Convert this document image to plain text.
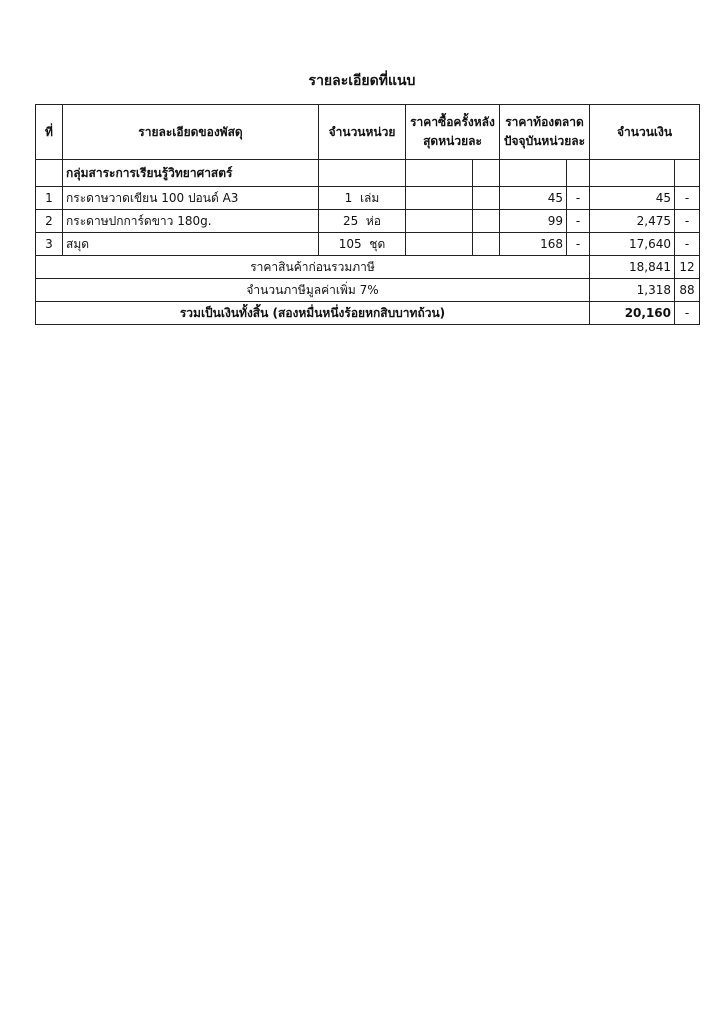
รายละเอียดที่แนบ
ที่	รายละเอียดของพัสดุ	จำนวนหน่วย	ราคาซื้อครั้งหลังสุดหน่วยละ		ราคาท้องตลาดปัจจุบันหน่วยละ		จำนวนเงิน	
	กลุ่มสาระการเรียนรู้วิทยาศาสตร์							
1	กระดาษวาดเขียน 100 ปอนด์ A3	1 เล่ม			45	-	45	-
2	กระดาษปกการ์ดขาว 180g.	25 ห่อ			99	-	2,475	-
3	สมุด	105 ชุด			168	-	17,640	-
ราคาสินค้าก่อนรวมภาษี							18,841	12
จำนวนภาษีมูลค่าเพิ่ม 7%							1,318	88
รวมเป็นเงินทั้งสิ้น (สองหมื่นหนึ่งร้อยหกสิบบาทถ้วน)							20,160	-
